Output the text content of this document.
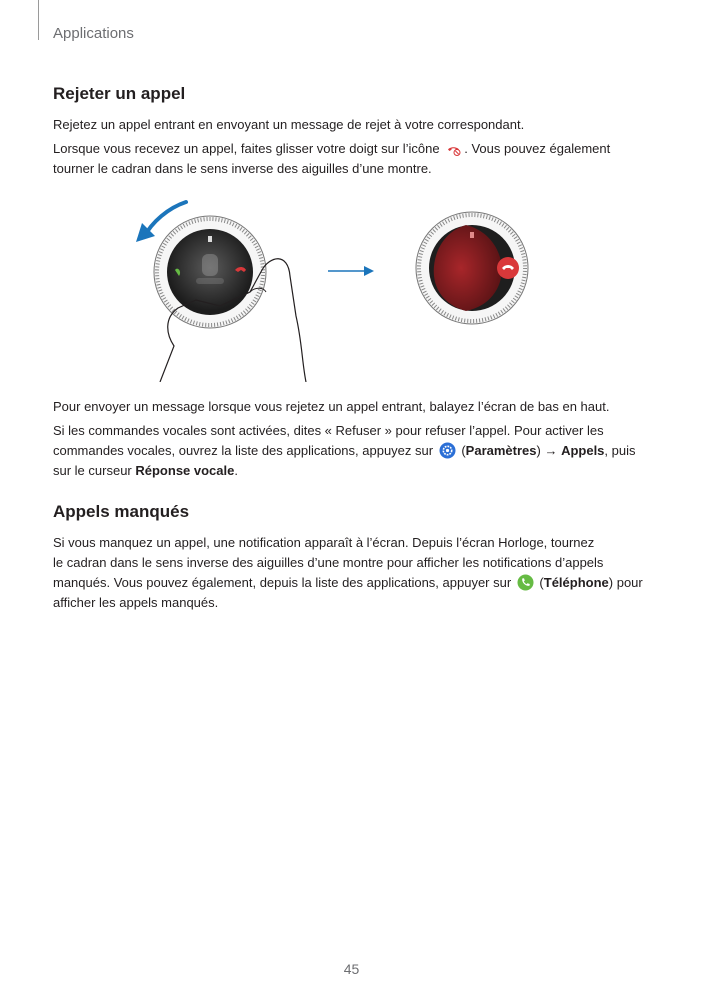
Applications
Rejeter un appel

Rejetez un appel entrant en envoyant un message de rejet à votre correspondant.

Lorsque vous recevez un appel, faites glisser votre doigt sur l’icône . Vous pouvez également
tourner le cadran dans le sens inverse des aiguilles d’une montre.

Pour envoyer un message lorsque vous rejetez un appel entrant, balayez l’écran de bas en haut.

Si les commandes vocales sont activées, dites « Refuser » pour refuser l’appel. Pour activer les
commandes vocales, ouvrez la liste des applications, appuyez sur  (Paramètres) → Appels, puis
sur le curseur Réponse vocale.

Appels manqués

Si vous manquez un appel, une notification apparaît à l’écran. Depuis l’écran Horloge, tournez
le cadran dans le sens inverse des aiguilles d’une montre pour afficher les notifications d’appels
manqués. Vous pouvez également, depuis la liste des applications, appuyer sur  (Téléphone) pour
afficher les appels manqués.

45
